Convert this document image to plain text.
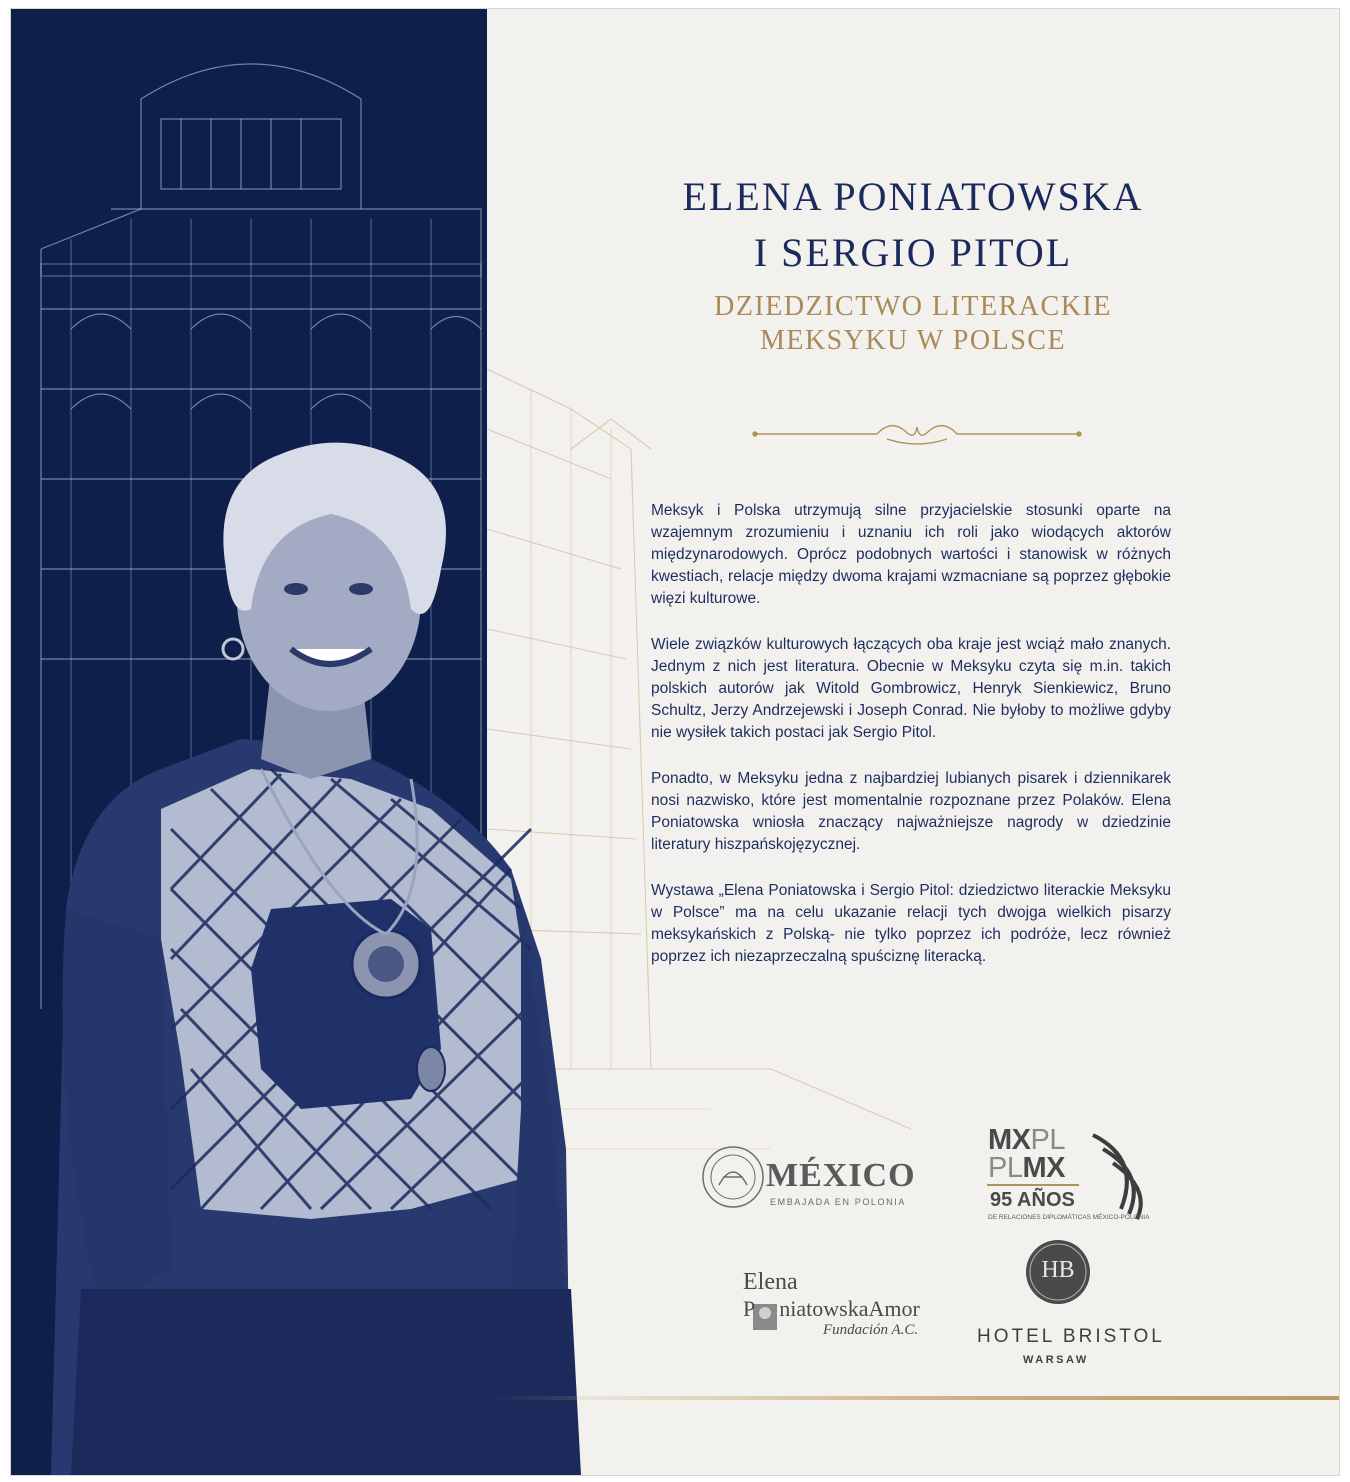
ELENA PONIATOWSKA
I SERGIO PITOL
DZIEDZICTWO LITERACKIE
MEKSYKU W POLSCE

Meksyk i Polska utrzymują silne przyjacielskie stosunki oparte na wzajemnym zrozumieniu i uznaniu ich roli jako wiodących aktorów międzynarodowych. Oprócz podobnych wartości i stanowisk w różnych kwestiach, relacje między dwoma krajami wzmacniane są poprzez głębokie więzi kulturowe.

Wiele związków kulturowych łączących oba kraje jest wciąż mało znanych. Jednym z nich jest literatura. Obecnie w Meksyku czyta się m.in. takich polskich autorów jak Witold Gombrowicz, Henryk Sienkiewicz, Bruno Schultz, Jerzy Andrzejewski i Joseph Conrad. Nie byłoby to możliwe gdyby nie wysiłek takich postaci jak Sergio Pitol.

Ponadto, w Meksyku jedna z najbardziej lubianych pisarek i dziennikarek nosi nazwisko, które jest momentalnie rozpoznane przez Polaków. Elena Poniatowska wniosła znaczący najważniejsze nagrody w dziedzinie literatury hiszpańskojęzycznej.

Wystawa „Elena Poniatowska i Sergio Pitol: dziedzictwo literackie Meksyku w Polsce” ma na celu ukazanie relacji tych dwojga wielkich pisarzy meksykańskich z Polską- nie tylko poprzez ich podróże, lecz również poprzez ich niezaprzeczalną spuściznę literacką.

MÉXICO
EMBAJADA EN POLONIA
MXPL
PLMX
95 AÑOS
DE RELACIONES DIPLOMÁTICAS MÉXICO-POLONIA
Elena
P niatowskaAmor
Fundación A.C.
HB
HOTEL BRISTOL
WARSAW
